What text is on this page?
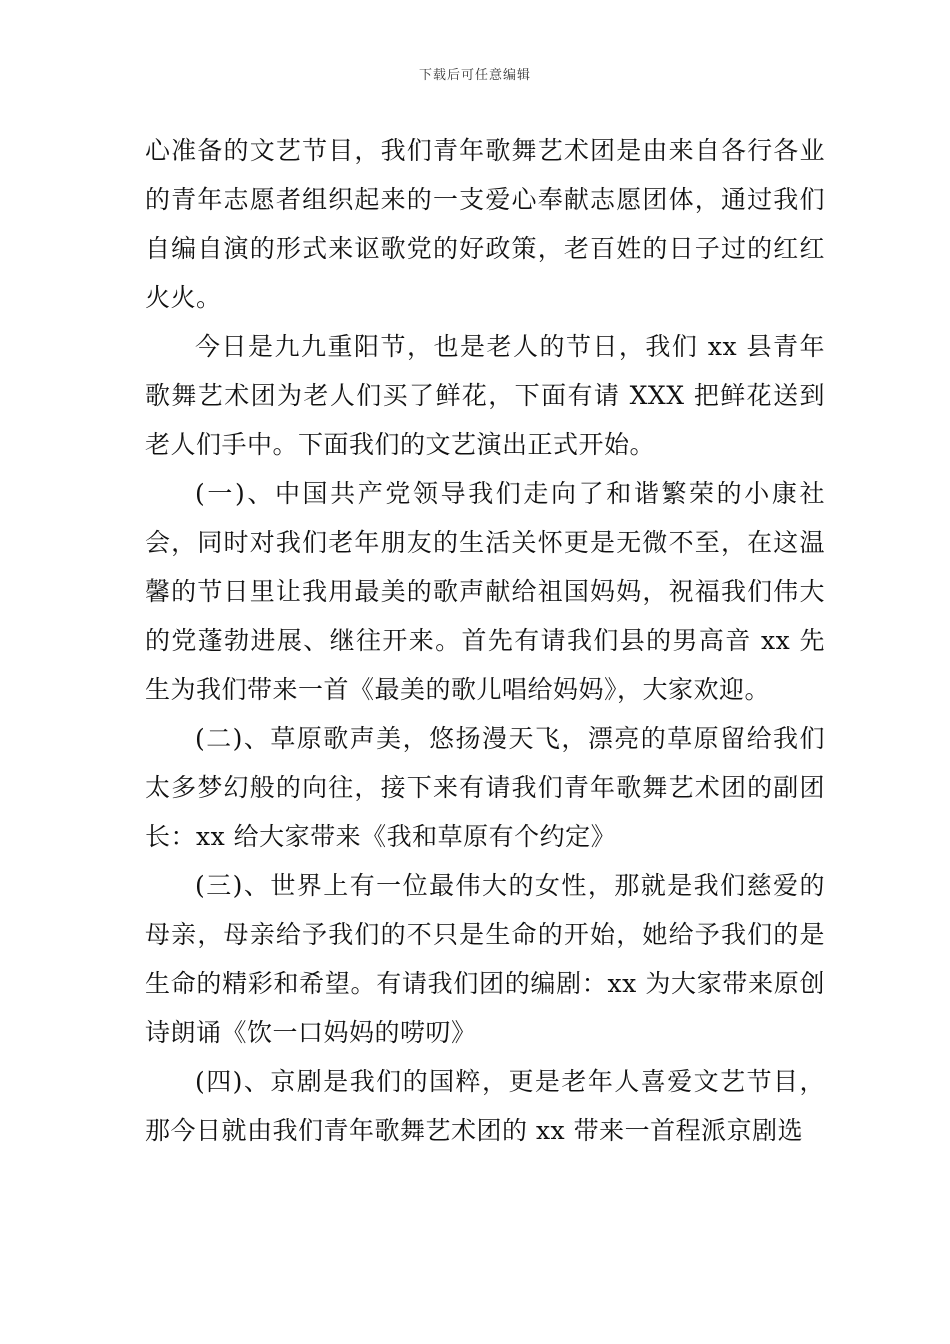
下载后可任意编辑

心准备的文艺节目，我们青年歌舞艺术团是由来自各行各业的青年志愿者组织起来的一支爱心奉献志愿团体，通过我们自编自演的形式来讴歌党的好政策，老百姓的日子过的红红火火。

今日是九九重阳节，也是老人的节日，我们 xx 县青年歌舞艺术团为老人们买了鲜花，下面有请 XXX 把鲜花送到老人们手中。下面我们的文艺演出正式开始。

(一)、中国共产党领导我们走向了和谐繁荣的小康社会，同时对我们老年朋友的生活关怀更是无微不至，在这温馨的节日里让我用最美的歌声献给祖国妈妈，祝福我们伟大的党蓬勃进展、继往开来。首先有请我们县的男高音 xx 先生为我们带来一首《最美的歌儿唱给妈妈》，大家欢迎。

(二)、草原歌声美，悠扬漫天飞，漂亮的草原留给我们太多梦幻般的向往，接下来有请我们青年歌舞艺术团的副团长：xx 给大家带来《我和草原有个约定》

(三)、世界上有一位最伟大的女性，那就是我们慈爱的母亲，母亲给予我们的不只是生命的开始，她给予我们的是生命的精彩和希望。有请我们团的编剧：xx 为大家带来原创诗朗诵《饮一口妈妈的唠叨》

(四)、京剧是我们的国粹，更是老年人喜爱文艺节目，那今日就由我们青年歌舞艺术团的 xx 带来一首程派京剧选
